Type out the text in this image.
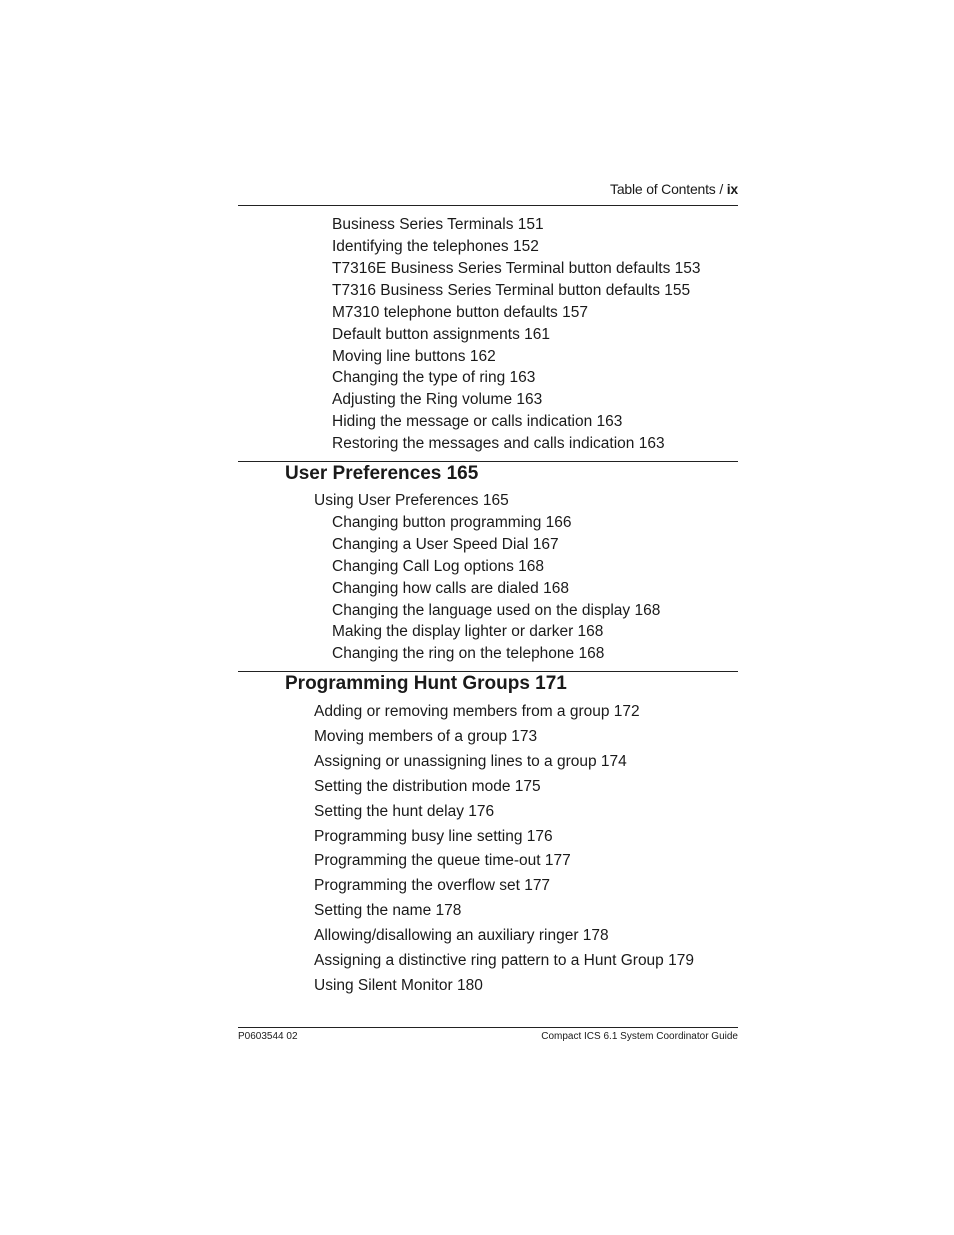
Table of Contents / ix
Business Series Terminals 151
Identifying the telephones 152
T7316E Business Series Terminal button defaults 153
T7316 Business Series Terminal button defaults 155
M7310 telephone button defaults 157
Default button assignments 161
Moving line buttons 162
Changing the type of ring 163
Adjusting the Ring volume 163
Hiding the message or calls indication 163
Restoring the messages and calls indication 163
User Preferences 165
Using User Preferences 165
Changing button programming 166
Changing a User Speed Dial 167
Changing Call Log options 168
Changing how calls are dialed 168
Changing the language used on the display 168
Making the display lighter or darker 168
Changing the ring on the telephone 168
Programming Hunt Groups 171
Adding or removing members from a group 172
Moving members of a group 173
Assigning or unassigning lines to a group 174
Setting the distribution mode 175
Setting the hunt delay 176
Programming busy line setting 176
Programming the queue time-out 177
Programming the overflow set 177
Setting the name 178
Allowing/disallowing an auxiliary ringer 178
Assigning a distinctive ring pattern to a Hunt Group 179
Using Silent Monitor 180
P0603544 02	Compact ICS 6.1 System Coordinator Guide
